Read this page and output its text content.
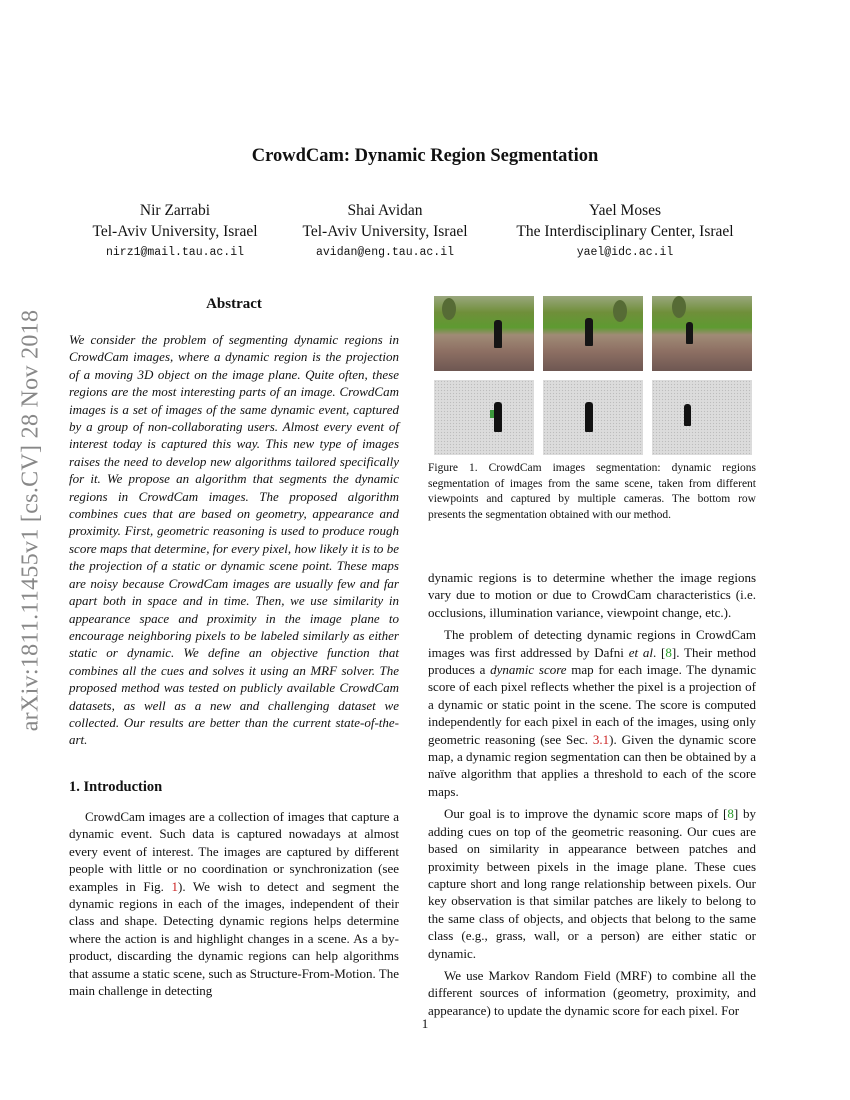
arXiv:1811.11455v1 [cs.CV] 28 Nov 2018
CrowdCam: Dynamic Region Segmentation
Nir Zarrabi
Tel-Aviv University, Israel
nirz1@mail.tau.ac.il
Shai Avidan
Tel-Aviv University, Israel
avidan@eng.tau.ac.il
Yael Moses
The Interdisciplinary Center, Israel
yael@idc.ac.il
Abstract

We consider the problem of segmenting dynamic regions in CrowdCam images, where a dynamic region is the projection of a moving 3D object on the image plane. Quite often, these regions are the most interesting parts of an image. CrowdCam images is a set of images of the same dynamic event, captured by a group of non-collaborating users. Almost every event of interest today is captured this way. This new type of images raises the need to develop new algorithms tailored specifically for it. We propose an algorithm that segments the dynamic regions in CrowdCam images. The proposed algorithm combines cues that are based on geometry, appearance and proximity. First, geometric reasoning is used to produce rough score maps that determine, for every pixel, how likely it is to be the projection of a static or dynamic scene point. These maps are noisy because CrowdCam images are usually few and far apart both in space and in time. Then, we use similarity in appearance space and proximity in the image plane to encourage neighboring pixels to be labeled similarly as either static or dynamic. We define an objective function that combines all the cues and solves it using an MRF solver. The proposed method was tested on publicly available CrowdCam datasets, as well as a new and challenging dataset we collected. Our results are better than the current state-of-the-art.

1. Introduction

CrowdCam images are a collection of images that capture a dynamic event. Such data is captured nowadays at almost every event of interest. The images are captured by different people with little or no coordination or synchronization (see examples in Fig. 1). We wish to detect and segment the dynamic regions in each of the images, independent of their class and shape. Detecting dynamic regions helps determine where the action is and highlight changes in a scene. As a by-product, discarding the dynamic regions can help algorithms that assume a static scene, such as Structure-From-Motion. The main challenge in detecting

Figure 1. CrowdCam images segmentation: dynamic regions segmentation of images from the same scene, taken from different viewpoints and captured by multiple cameras. The bottom row presents the segmentation obtained with our method.

dynamic regions is to determine whether the image regions vary due to motion or due to CrowdCam characteristics (i.e. occlusions, illumination variance, viewpoint change, etc.).

The problem of detecting dynamic regions in CrowdCam images was first addressed by Dafni et al. [8]. Their method produces a dynamic score map for each image. The dynamic score of each pixel reflects whether the pixel is a projection of a dynamic or static point in the scene. The score is computed independently for each pixel in each of the images, using only geometric reasoning (see Sec. 3.1). Given the dynamic score map, a dynamic region segmentation can then be obtained by a naïve algorithm that applies a threshold to each of the score maps.

Our goal is to improve the dynamic score maps of [8] by adding cues on top of the geometric reasoning. Our cues are based on similarity in appearance between patches and proximity between pixels in the image plane. These cues capture short and long range relationship between pixels. Our key observation is that similar patches are likely to belong to the same class of objects, and objects that belong to the same class (e.g., grass, wall, or a person) are either static or dynamic.

We use Markov Random Field (MRF) to combine all the different sources of information (geometry, proximity, and appearance) to update the dynamic score for each pixel. For

1
